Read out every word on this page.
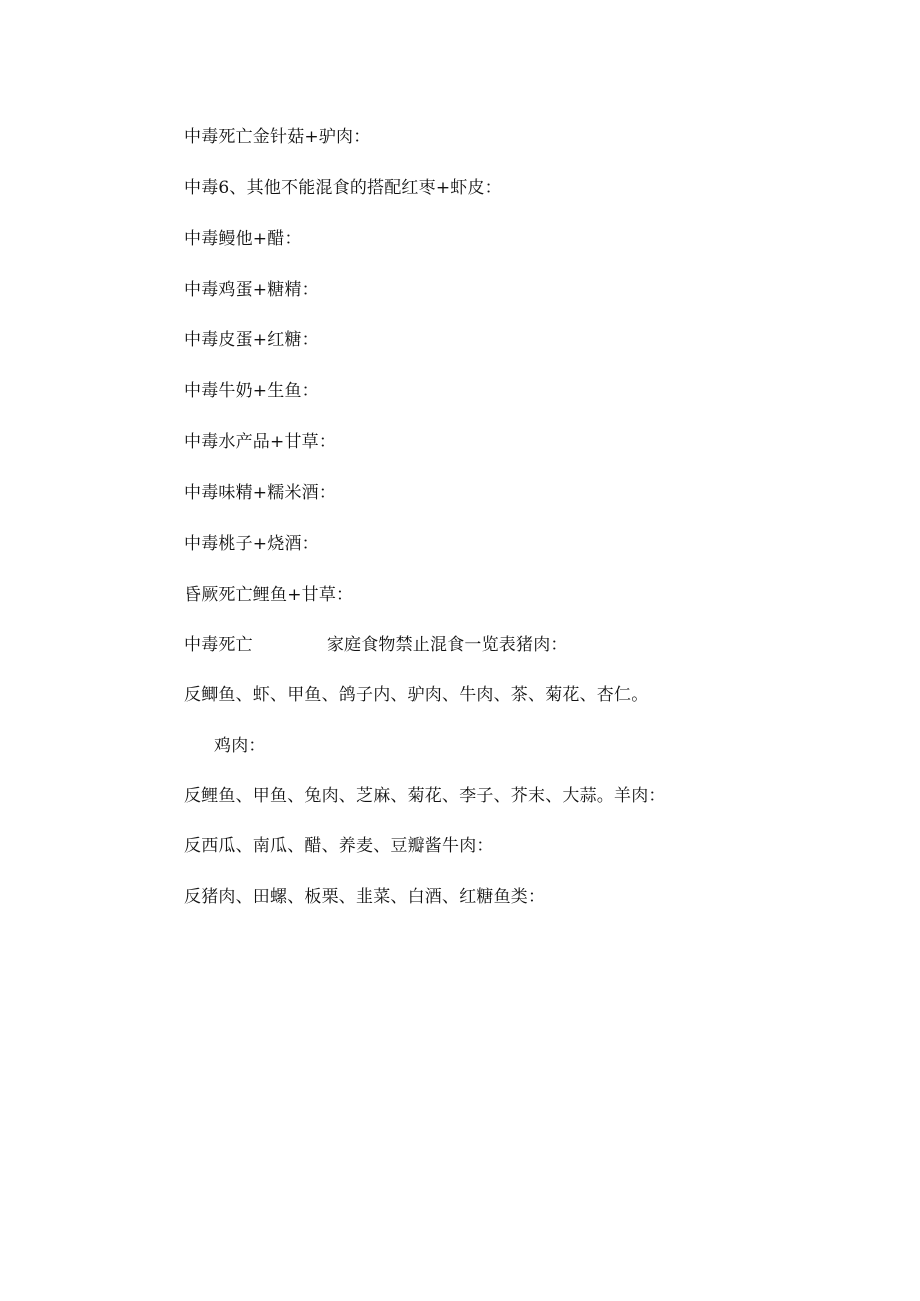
中毒死亡金针菇+驴肉：
中毒6、其他不能混食的搭配红枣+虾皮：
中毒鳗他+醋：
中毒鸡蛋+糖精：
中毒皮蛋+红糖：
中毒牛奶+生鱼：
中毒水产品+甘草：
中毒味精+糯米酒：
中毒桃子+烧酒：
昏厥死亡鲤鱼+甘草：
中毒死亡	家庭食物禁止混食一览表猪肉：
反鲫鱼、虾、甲鱼、鸽子内、驴肉、牛肉、茶、菊花、杏仁。
鸡肉：
反鲤鱼、甲鱼、兔肉、芝麻、菊花、李子、芥末、大蒜。羊肉：
反西瓜、南瓜、醋、养麦、豆瓣酱牛肉：
反猪肉、田螺、板栗、韭菜、白酒、红糖鱼类：
